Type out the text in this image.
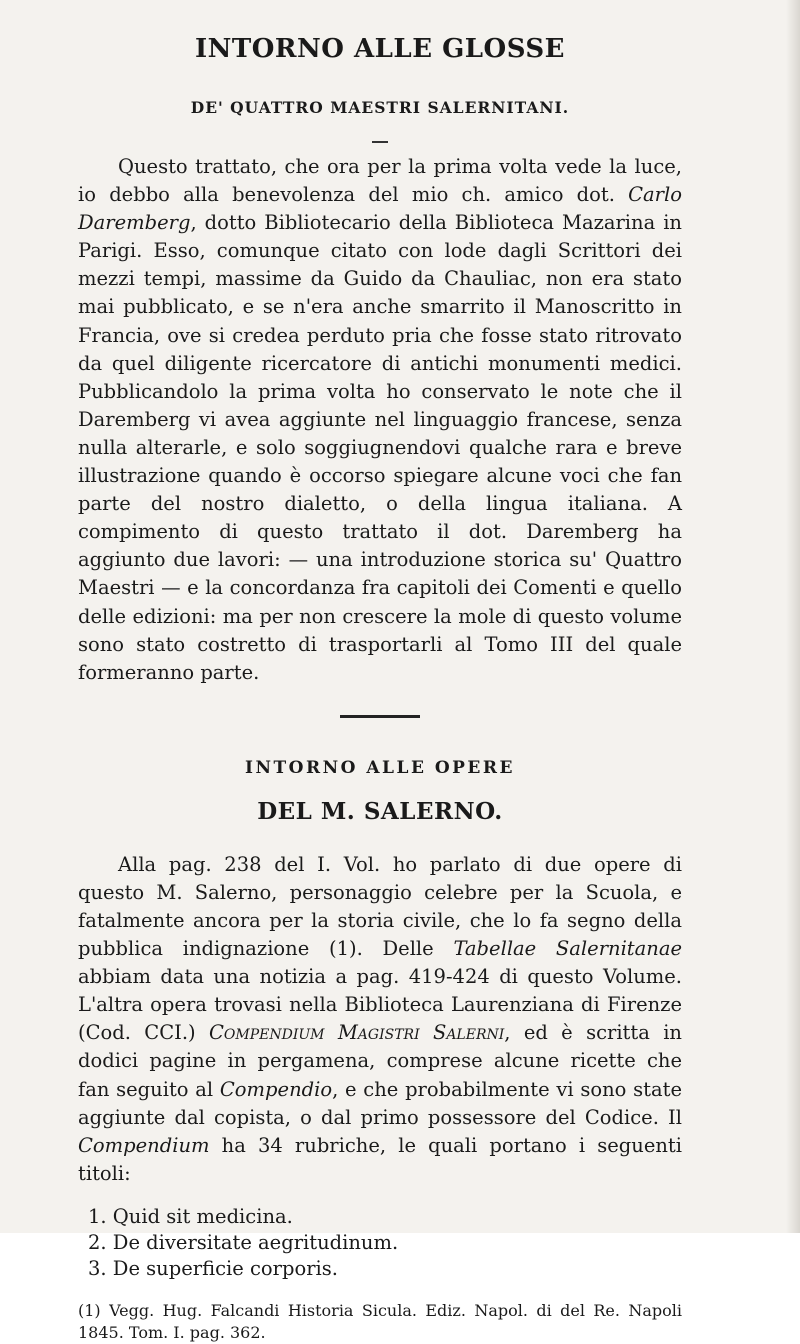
INTORNO ALLE GLOSSE
DE' QUATTRO MAESTRI SALERNITANI.

Questo trattato, che ora per la prima volta vede la luce, io debbo alla benevolenza del mio ch. amico dot. Carlo Daremberg, dotto Bibliotecario della Biblioteca Mazarina in Parigi. Esso, comunque citato con lode dagli Scrittori dei mezzi tempi, massime da Guido da Chauliac, non era stato mai pubblicato, e se n'era anche smarrito il Manoscritto in Francia, ove si credea perduto pria che fosse stato ritrovato da quel diligente ricercatore di antichi monumenti medici. Pubblicandolo la prima volta ho conservato le note che il Daremberg vi avea aggiunte nel linguaggio francese, senza nulla alterarle, e solo soggiugnendovi qualche rara e breve illustrazione quando è occorso spiegare alcune voci che fan parte del nostro dialetto, o della lingua italiana. A compimento di questo trattato il dot. Daremberg ha aggiunto due lavori: — una introduzione storica su' Quattro Maestri — e la concordanza fra capitoli dei Comenti e quello delle edizioni: ma per non crescere la mole di questo volume sono stato costretto di trasportarli al Tomo III del quale formeranno parte.

INTORNO ALLE OPERE
DEL M. SALERNO.

Alla pag. 238 del I. Vol. ho parlato di due opere di questo M. Salerno, personaggio celebre per la Scuola, e fatalmente ancora per la storia civile, che lo fa segno della pubblica indignazione (1). Delle Tabellae Salernitanae abbiam data una notizia a pag. 419-424 di questo Volume. L'altra opera trovasi nella Biblioteca Laurenziana di Firenze (Cod. CCI.) Compendium Magistri Salerni, ed è scritta in dodici pagine in pergamena, comprese alcune ricette che fan seguito al Compendio, e che probabilmente vi sono state aggiunte dal copista, o dal primo possessore del Codice. Il Compendium ha 34 rubriche, le quali portano i seguenti titoli:

1. Quid sit medicina.
2. De diversitate aegritudinum.
3. De superficie corporis.
(1) Vegg. Hug. Falcandi Historia Sicula. Ediz. Napol. di del Re. Napoli 1845. Tom. I. pag. 362.
